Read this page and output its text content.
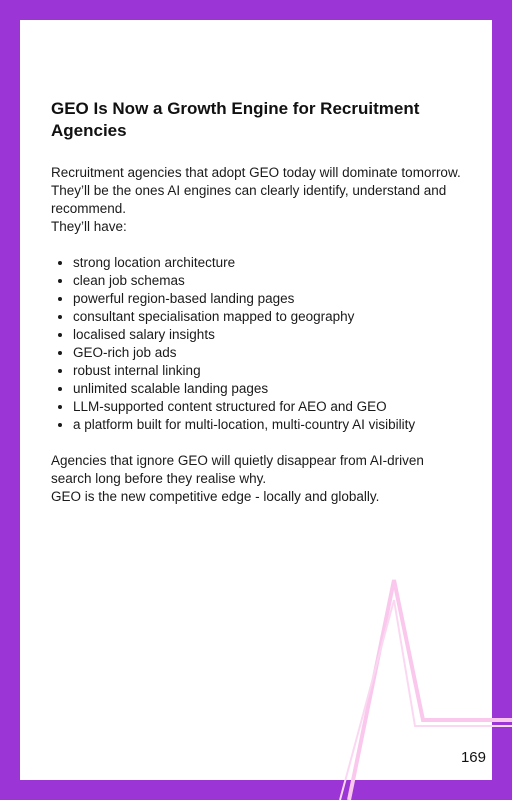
GEO Is Now a Growth Engine for Recruitment Agencies

Recruitment agencies that adopt GEO today will dominate tomorrow. They’ll be the ones AI engines can clearly identify, understand and recommend.

They’ll have:

• strong location architecture
• clean job schemas
• powerful region-based landing pages
• consultant specialisation mapped to geography
• localised salary insights
• GEO-rich job ads
• robust internal linking
• unlimited scalable landing pages
• LLM-supported content structured for AEO and GEO
• a platform built for multi-location, multi-country AI visibility

Agencies that ignore GEO will quietly disappear from AI-driven search long before they realise why.

GEO is the new competitive edge - locally and globally.

169
